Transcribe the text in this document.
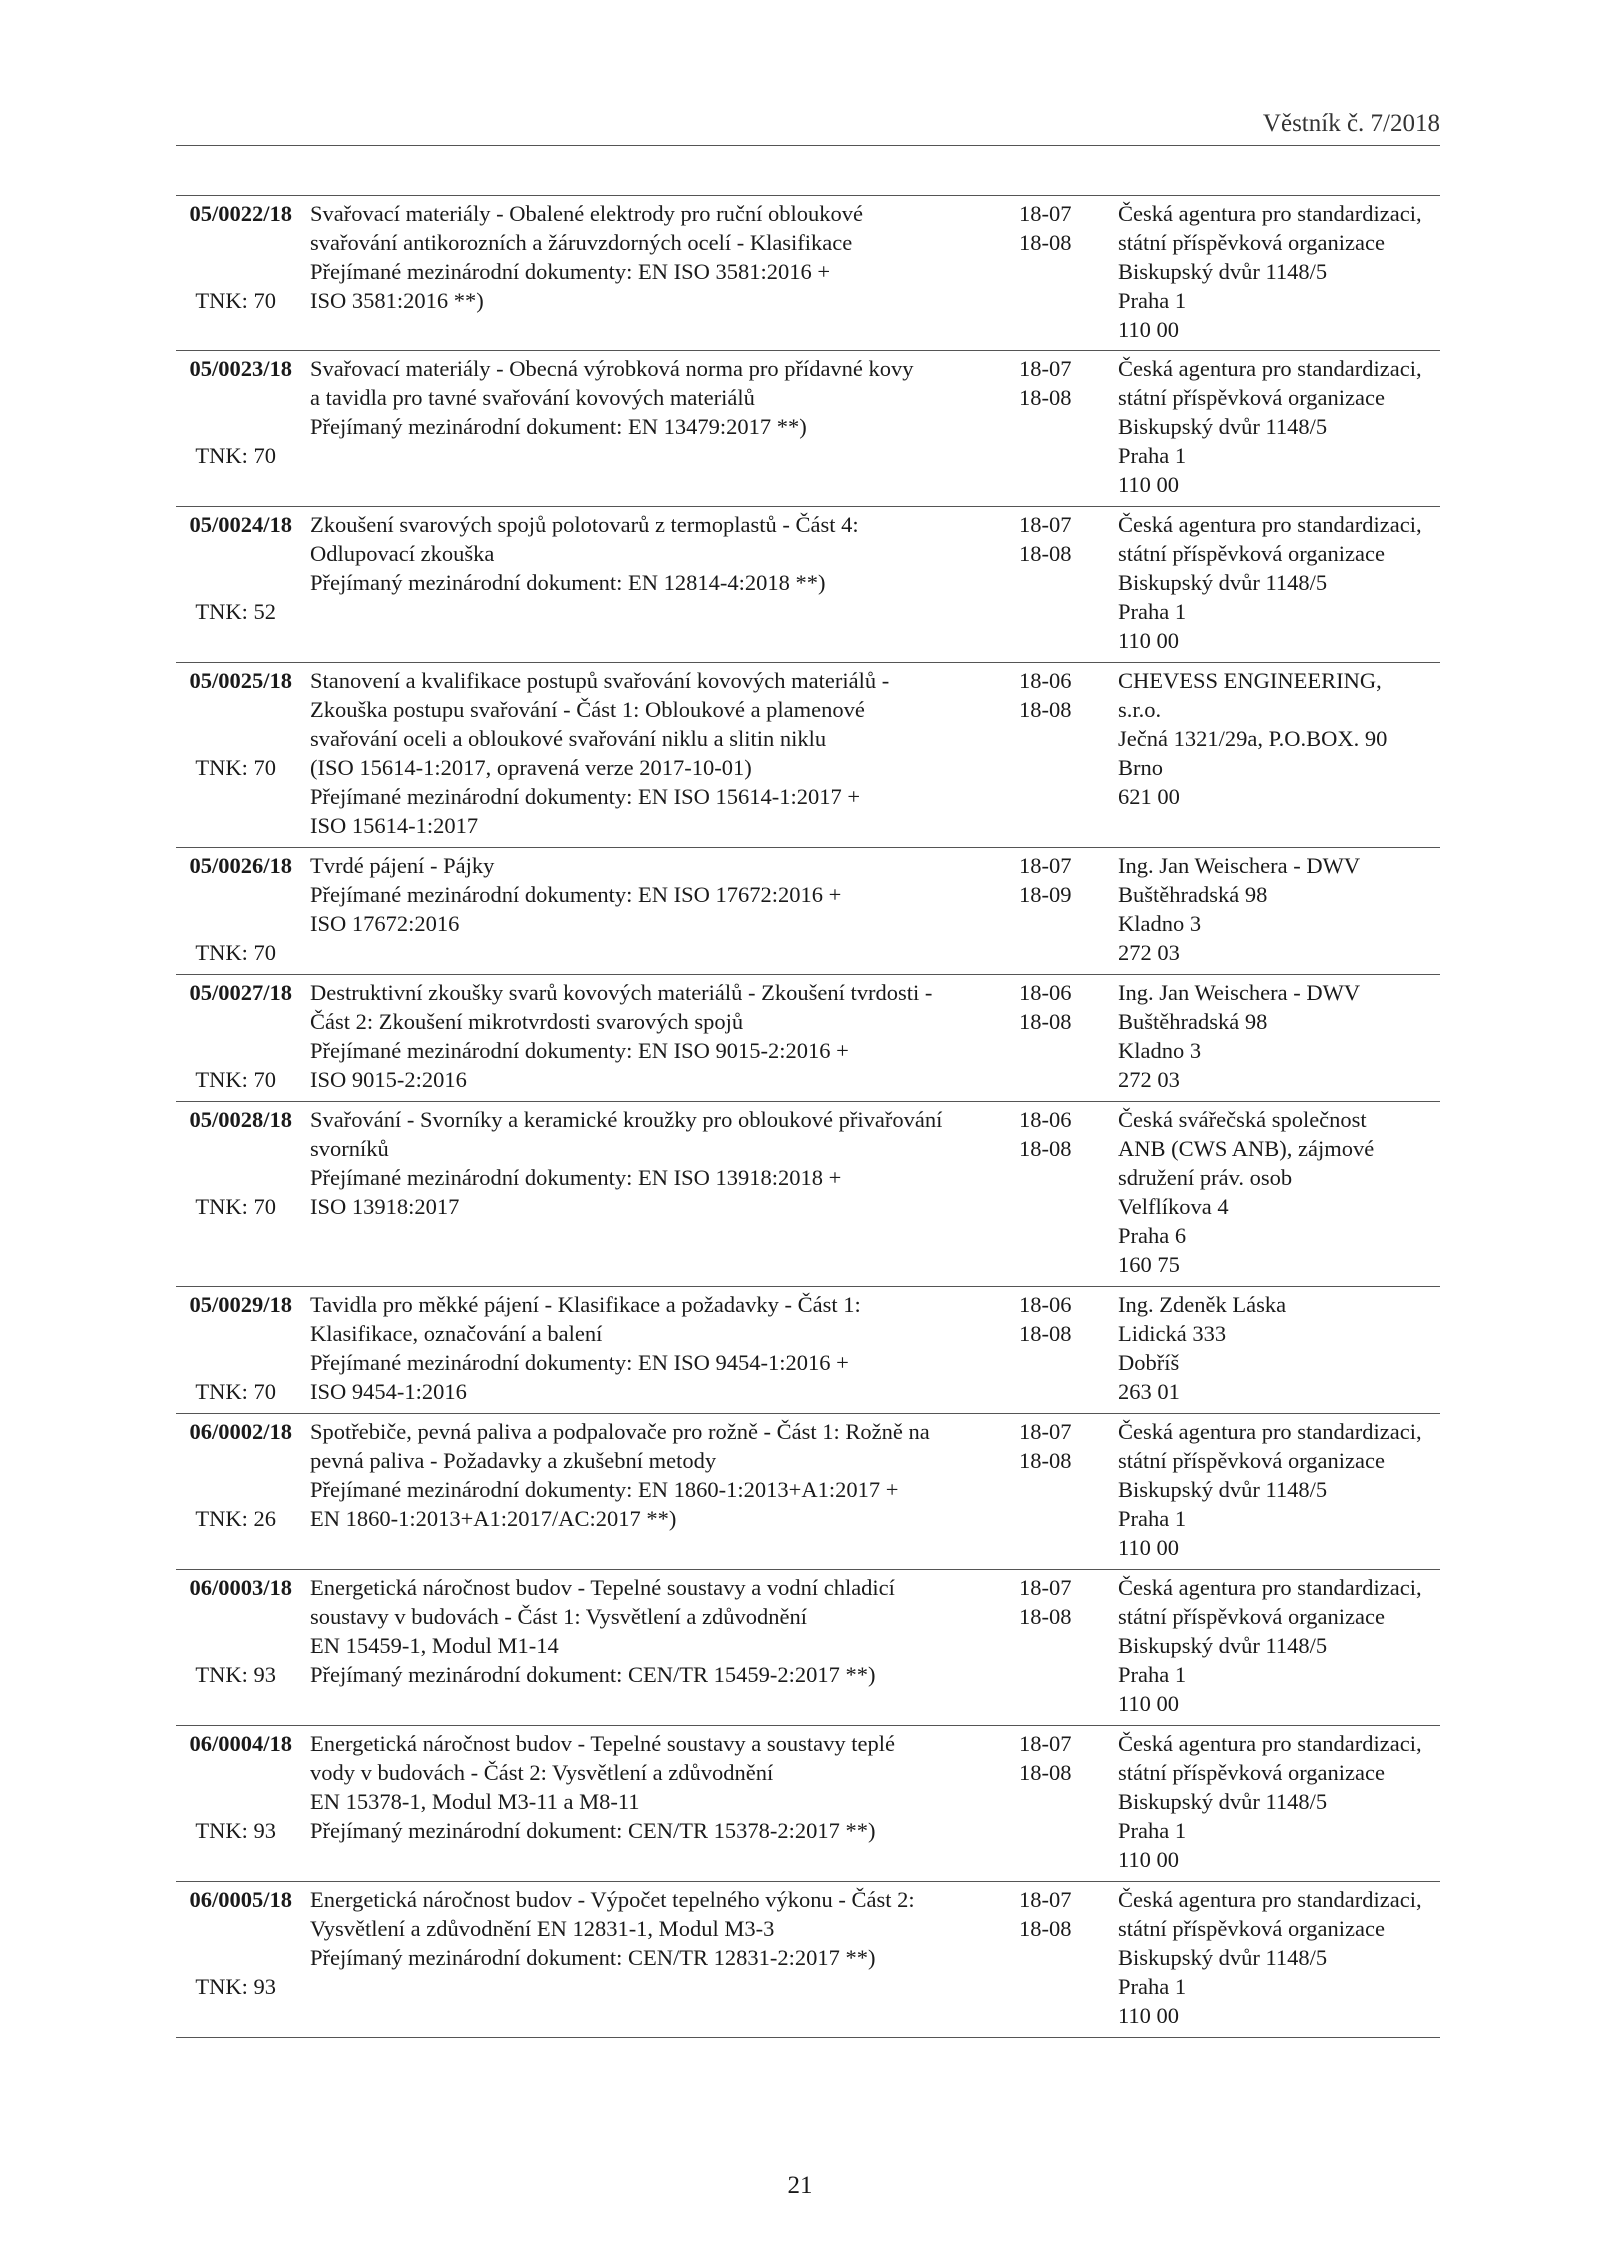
Věstník č. 7/2018
05/0022/18
TNK: 70
Svařovací materiály - Obalené elektrody pro ruční obloukové
svařování antikorozních a žáruvzdorných ocelí - Klasifikace
Přejímané mezinárodní dokumenty: EN ISO 3581:2016 +
ISO 3581:2016 **)
18-07
18-08
Česká agentura pro standardizaci,
státní příspěvková organizace
Biskupský dvůr 1148/5
Praha 1
110 00
05/0023/18
TNK: 70
Svařovací materiály - Obecná výrobková norma pro přídavné kovy
a tavidla pro tavné svařování kovových materiálů
Přejímaný mezinárodní dokument: EN 13479:2017 **)
18-07
18-08
Česká agentura pro standardizaci,
státní příspěvková organizace
Biskupský dvůr 1148/5
Praha 1
110 00
05/0024/18
TNK: 52
Zkoušení svarových spojů polotovarů z termoplastů - Část 4:
Odlupovací zkouška
Přejímaný mezinárodní dokument: EN 12814-4:2018 **)
18-07
18-08
Česká agentura pro standardizaci,
státní příspěvková organizace
Biskupský dvůr 1148/5
Praha 1
110 00
05/0025/18
TNK: 70
Stanovení a kvalifikace postupů svařování kovových materiálů -
Zkouška postupu svařování - Část 1: Obloukové a plamenové
svařování oceli a obloukové svařování niklu a slitin niklu
(ISO 15614-1:2017, opravená verze 2017-10-01)
Přejímané mezinárodní dokumenty: EN ISO 15614-1:2017 +
ISO 15614-1:2017
18-06
18-08
CHEVESS ENGINEERING,
s.r.o.
Ječná 1321/29a, P.O.BOX. 90
Brno
621 00
05/0026/18
TNK: 70
Tvrdé pájení - Pájky
Přejímané mezinárodní dokumenty: EN ISO 17672:2016 +
ISO 17672:2016
18-07
18-09
Ing. Jan Weischera - DWV
Buštěhradská 98
Kladno 3
272 03
05/0027/18
TNK: 70
Destruktivní zkoušky svarů kovových materiálů - Zkoušení tvrdosti -
Část 2: Zkoušení mikrotvrdosti svarových spojů
Přejímané mezinárodní dokumenty: EN ISO 9015-2:2016 +
ISO 9015-2:2016
18-06
18-08
Ing. Jan Weischera - DWV
Buštěhradská 98
Kladno 3
272 03
05/0028/18
TNK: 70
Svařování - Svorníky a keramické kroužky pro obloukové přivařování
svorníků
Přejímané mezinárodní dokumenty: EN ISO 13918:2018 +
ISO 13918:2017
18-06
18-08
Česká svářečská společnost
ANB (CWS ANB), zájmové
sdružení práv. osob
Velflíkova 4
Praha 6
160 75
05/0029/18
TNK: 70
Tavidla pro měkké pájení - Klasifikace a požadavky - Část 1:
Klasifikace, označování a balení
Přejímané mezinárodní dokumenty: EN ISO 9454-1:2016 +
ISO 9454-1:2016
18-06
18-08
Ing. Zdeněk Láska
Lidická 333
Dobříš
263 01
06/0002/18
TNK: 26
Spotřebiče, pevná paliva a podpalovače pro rožně - Část 1: Rožně na
pevná paliva - Požadavky a zkušební metody
Přejímané mezinárodní dokumenty: EN 1860-1:2013+A1:2017 +
EN 1860-1:2013+A1:2017/AC:2017 **)
18-07
18-08
Česká agentura pro standardizaci,
státní příspěvková organizace
Biskupský dvůr 1148/5
Praha 1
110 00
06/0003/18
TNK: 93
Energetická náročnost budov - Tepelné soustavy a vodní chladicí
soustavy v budovách - Část 1: Vysvětlení a zdůvodnění
EN 15459-1, Modul M1-14
Přejímaný mezinárodní dokument: CEN/TR 15459-2:2017 **)
18-07
18-08
Česká agentura pro standardizaci,
státní příspěvková organizace
Biskupský dvůr 1148/5
Praha 1
110 00
06/0004/18
TNK: 93
Energetická náročnost budov - Tepelné soustavy a soustavy teplé
vody v budovách - Část 2: Vysvětlení a zdůvodnění
EN 15378-1, Modul M3-11 a M8-11
Přejímaný mezinárodní dokument: CEN/TR 15378-2:2017 **)
18-07
18-08
Česká agentura pro standardizaci,
státní příspěvková organizace
Biskupský dvůr 1148/5
Praha 1
110 00
06/0005/18
TNK: 93
Energetická náročnost budov - Výpočet tepelného výkonu - Část 2:
Vysvětlení a zdůvodnění EN 12831-1, Modul M3-3
Přejímaný mezinárodní dokument: CEN/TR 12831-2:2017 **)
18-07
18-08
Česká agentura pro standardizaci,
státní příspěvková organizace
Biskupský dvůr 1148/5
Praha 1
110 00
21
